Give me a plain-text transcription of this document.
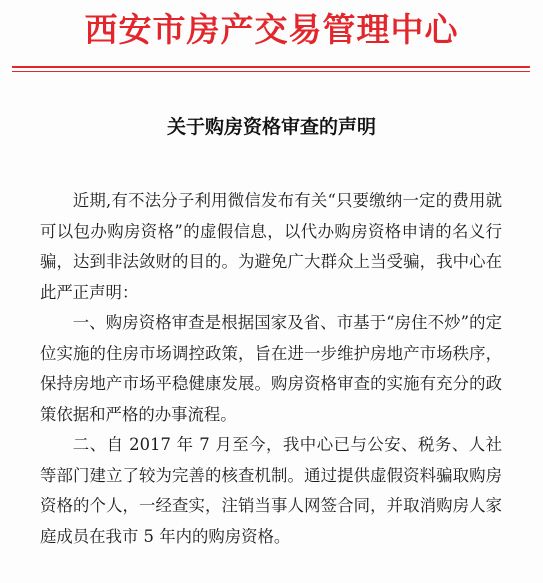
西安市房产交易管理中心
关于购房资格审查的声明

近期,有不法分子利用微信发布有关“只要缴纳一定的费用就可以包办购房资格”的虚假信息，以代办购房资格申请的名义行骗，达到非法敛财的目的。为避免广大群众上当受骗，我中心在此严正声明：

一、购房资格审查是根据国家及省、市基于“房住不炒”的定位实施的住房市场调控政策，旨在进一步维护房地产市场秩序，保持房地产市场平稳健康发展。购房资格审查的实施有充分的政策依据和严格的办事流程。

二、自 2017 年 7 月至今，我中心已与公安、税务、人社等部门建立了较为完善的核查机制。通过提供虚假资料骗取购房资格的个人，一经查实，注销当事人网签合同，并取消购房人家庭成员在我市 5 年内的购房资格。
